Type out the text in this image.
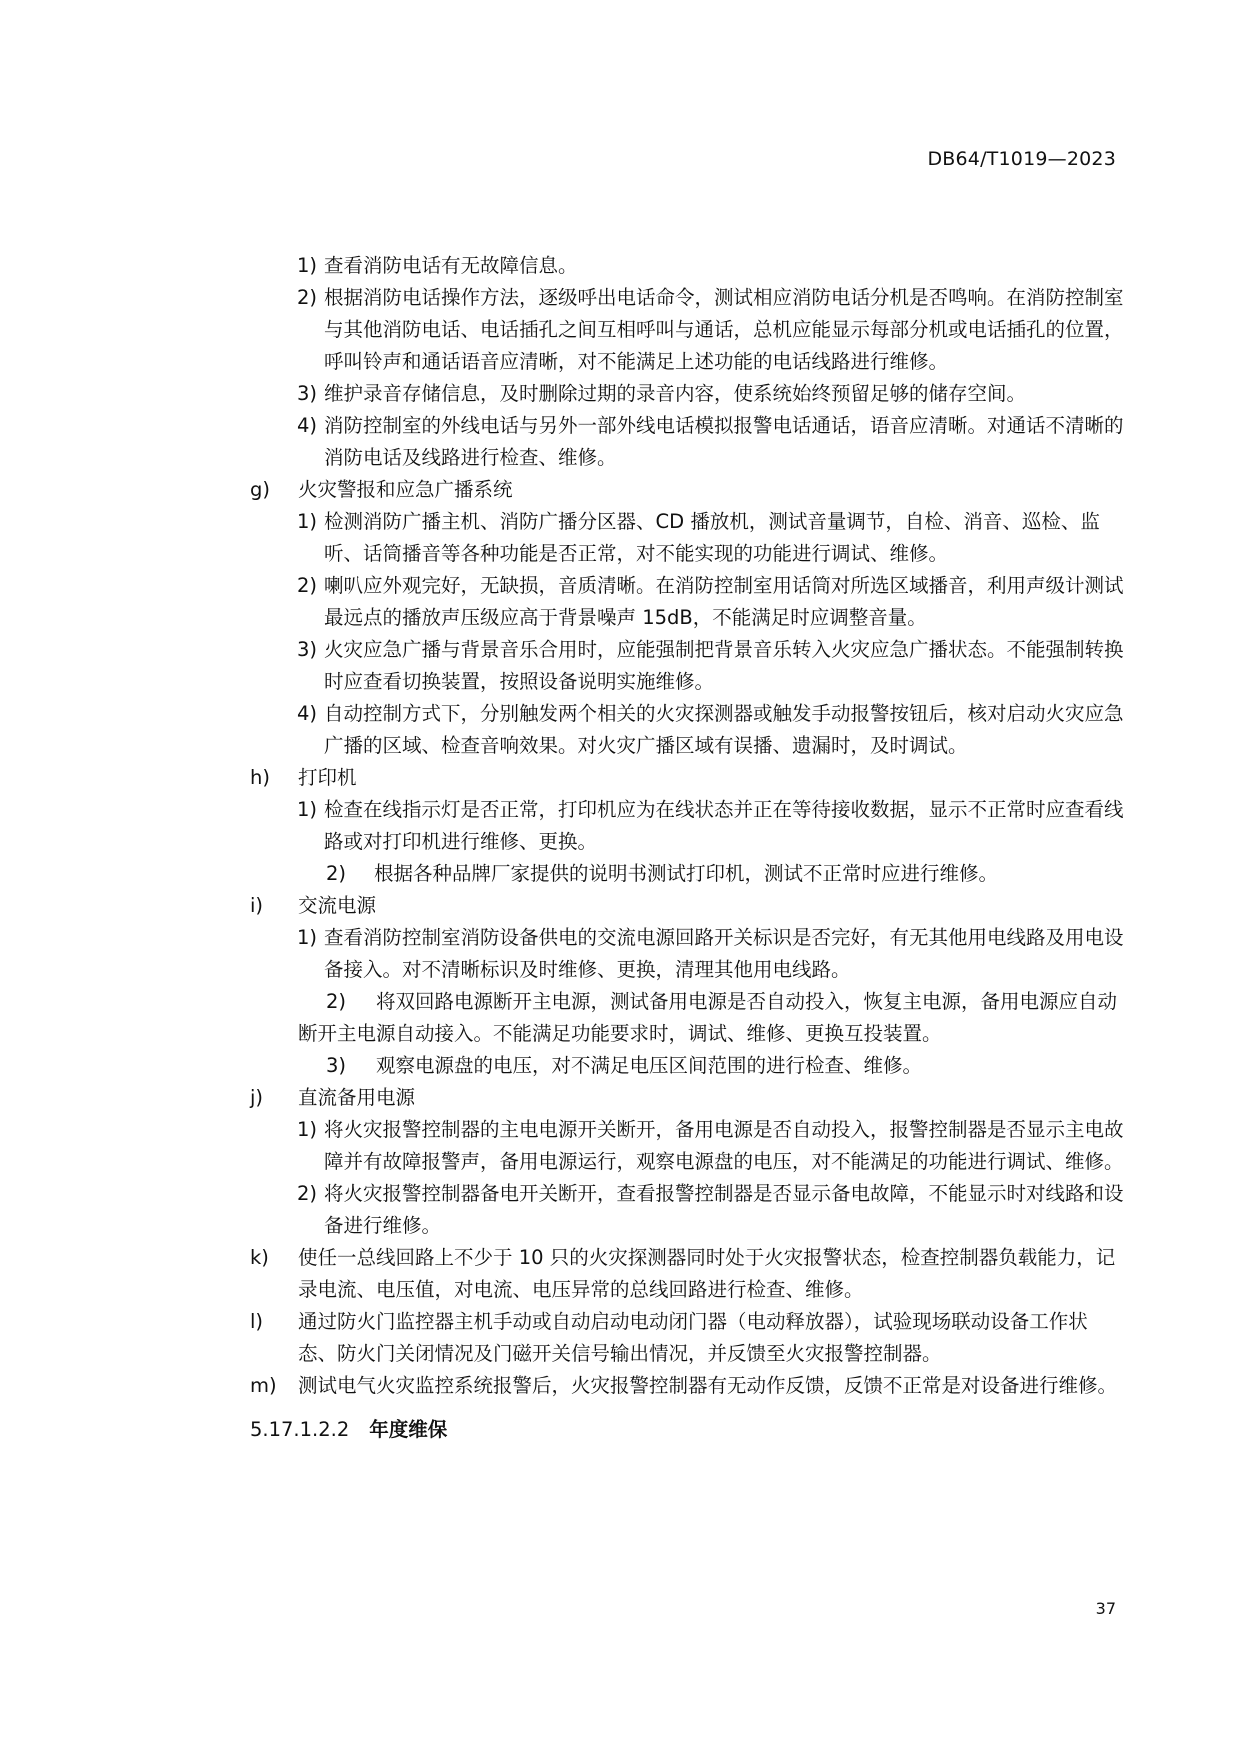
DB64/T1019—2023
1) 查看消防电话有无故障信息。
2) 根据消防电话操作方法，逐级呼出电话命令，测试相应消防电话分机是否鸣响。在消防控制室与其他消防电话、电话插孔之间互相呼叫与通话，总机应能显示每部分机或电话插孔的位置，呼叫铃声和通话语音应清晰，对不能满足上述功能的电话线路进行维修。
3) 维护录音存储信息，及时删除过期的录音内容，使系统始终预留足够的储存空间。
4) 消防控制室的外线电话与另外一部外线电话模拟报警电话通话，语音应清晰。对通话不清晰的消防电话及线路进行检查、维修。
g) 火灾警报和应急广播系统
1) 检测消防广播主机、消防广播分区器、CD 播放机，测试音量调节，自检、消音、巡检、监听、话筒播音等各种功能是否正常，对不能实现的功能进行调试、维修。
2) 喇叭应外观完好，无缺损，音质清晰。在消防控制室用话筒对所选区域播音，利用声级计测试最远点的播放声压级应高于背景噪声 15dB，不能满足时应调整音量。
3) 火灾应急广播与背景音乐合用时，应能强制把背景音乐转入火灾应急广播状态。不能强制转换时应查看切换装置，按照设备说明实施维修。
4) 自动控制方式下，分别触发两个相关的火灾探测器或触发手动报警按钮后，核对启动火灾应急广播的区域、检查音响效果。对火灾广播区域有误播、遗漏时，及时调试。
h) 打印机
1) 检查在线指示灯是否正常，打印机应为在线状态并正在等待接收数据，显示不正常时应查看线路或对打印机进行维修、更换。
2) 根据各种品牌厂家提供的说明书测试打印机，测试不正常时应进行维修。
i) 交流电源
1) 查看消防控制室消防设备供电的交流电源回路开关标识是否完好，有无其他用电线路及用电设备接入。对不清晰标识及时维修、更换，清理其他用电线路。
2) 将双回路电源断开主电源，测试备用电源是否自动投入，恢复主电源，备用电源应自动断开主电源自动接入。不能满足功能要求时，调试、维修、更换互投装置。
3) 观察电源盘的电压，对不满足电压区间范围的进行检查、维修。
j) 直流备用电源
1) 将火灾报警控制器的主电电源开关断开，备用电源是否自动投入，报警控制器是否显示主电故障并有故障报警声，备用电源运行，观察电源盘的电压，对不能满足的功能进行调试、维修。
2) 将火灾报警控制器备电开关断开，查看报警控制器是否显示备电故障，不能显示时对线路和设备进行维修。
k) 使任一总线回路上不少于 10 只的火灾探测器同时处于火灾报警状态，检查控制器负载能力，记录电流、电压值，对电流、电压异常的总线回路进行检查、维修。
l) 通过防火门监控器主机手动或自动启动电动闭门器（电动释放器），试验现场联动设备工作状态、防火门关闭情况及门磁开关信号输出情况，并反馈至火灾报警控制器。
m) 测试电气火灾监控系统报警后，火灾报警控制器有无动作反馈，反馈不正常是对设备进行维修。
5.17.1.2.2 年度维保
37
